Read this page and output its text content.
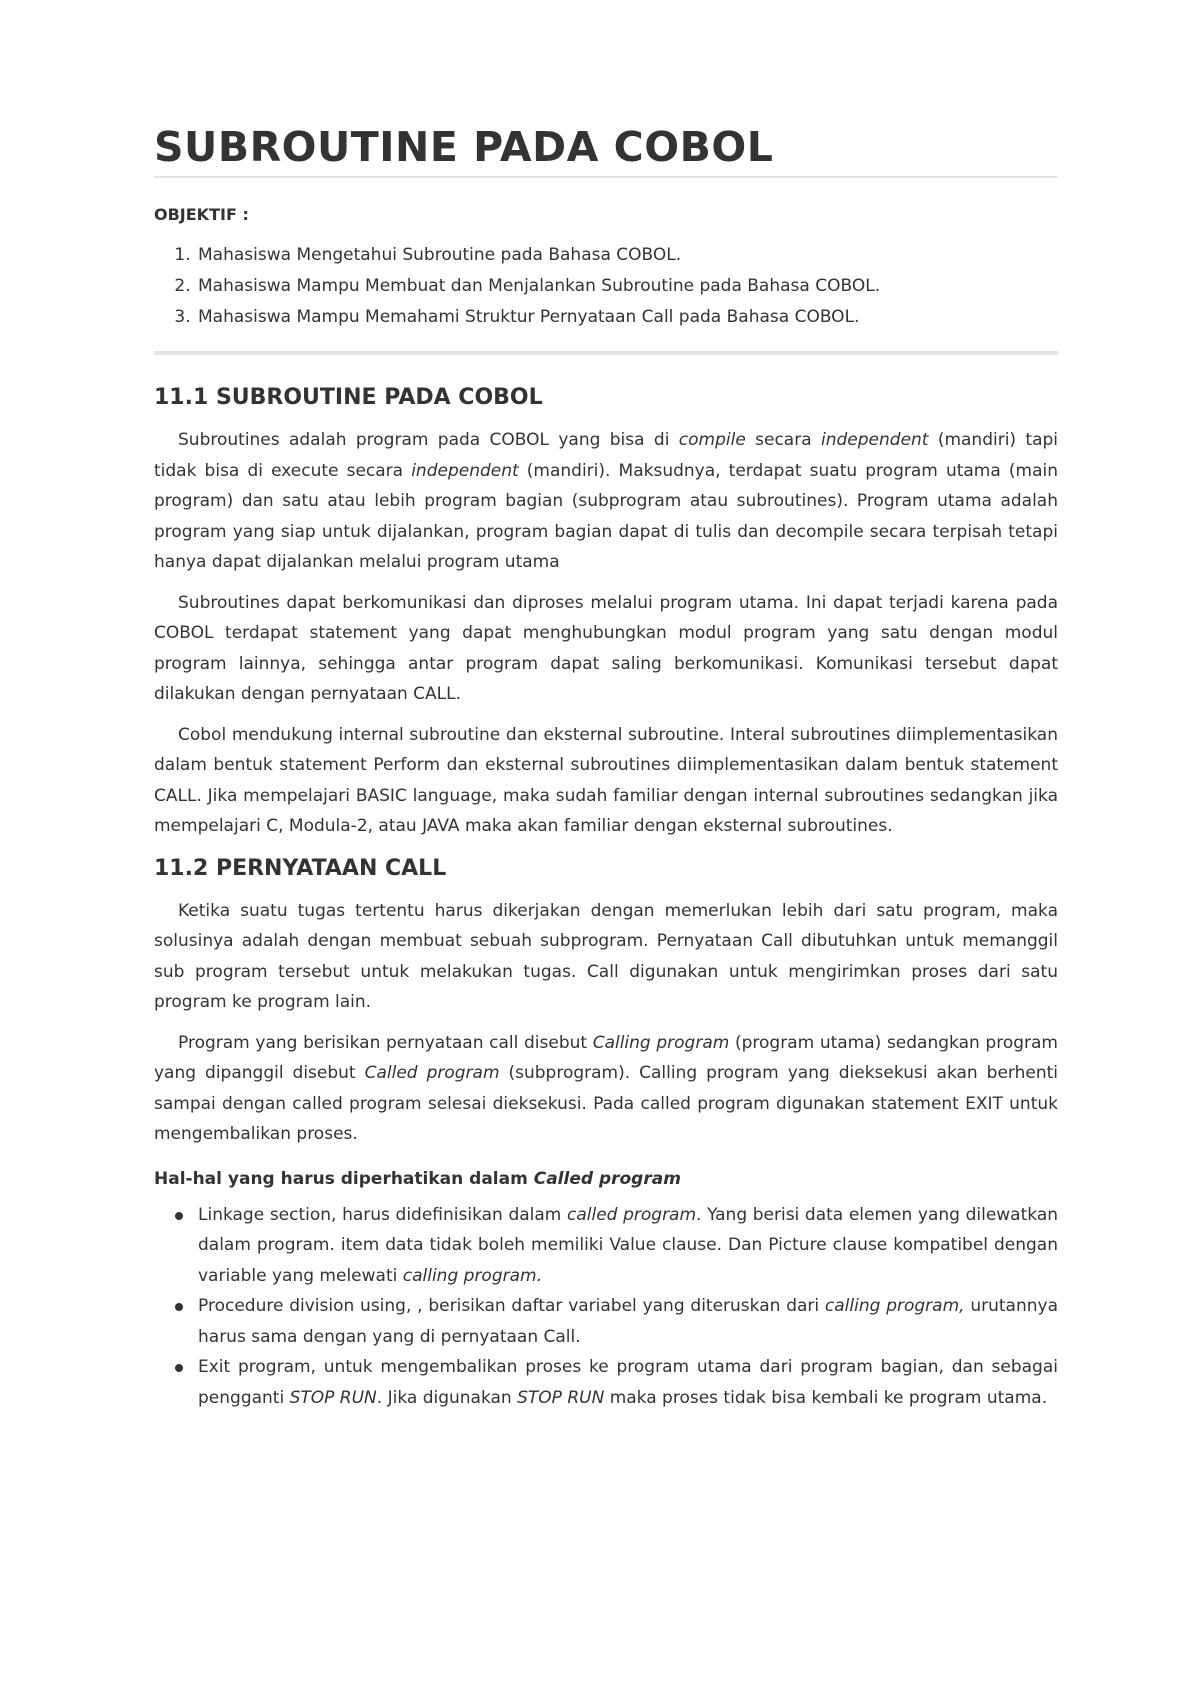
SUBROUTINE PADA COBOL

OBJEKTIF :

1. Mahasiswa Mengetahui Subroutine pada Bahasa COBOL.
2. Mahasiswa Mampu Membuat dan Menjalankan Subroutine pada Bahasa COBOL.
3. Mahasiswa Mampu Memahami Struktur Pernyataan Call pada Bahasa COBOL.
11.1 SUBROUTINE PADA COBOL

Subroutines adalah program pada COBOL yang bisa di compile secara independent (mandiri) tapi tidak bisa di execute secara independent (mandiri). Maksudnya, terdapat suatu program utama (main program) dan satu atau lebih program bagian (subprogram atau subroutines). Program utama adalah program yang siap untuk dijalankan, program bagian dapat di tulis dan decompile secara terpisah tetapi hanya dapat dijalankan melalui program utama

Subroutines dapat berkomunikasi dan diproses melalui program utama. Ini dapat terjadi karena pada COBOL terdapat statement yang dapat menghubungkan modul program yang satu dengan modul program lainnya, sehingga antar program dapat saling berkomunikasi. Komunikasi tersebut dapat dilakukan dengan pernyataan CALL.

Cobol mendukung internal subroutine dan eksternal subroutine. Interal subroutines diimplementasikan dalam bentuk statement Perform dan eksternal subroutines diimplementasikan dalam bentuk statement CALL. Jika mempelajari BASIC language, maka sudah familiar dengan internal subroutines sedangkan jika mempelajari C, Modula-2, atau JAVA maka akan familiar dengan eksternal subroutines.

11.2 PERNYATAAN CALL

Ketika suatu tugas tertentu harus dikerjakan dengan memerlukan lebih dari satu program, maka solusinya adalah dengan membuat sebuah subprogram. Pernyataan Call dibutuhkan untuk memanggil sub program tersebut untuk melakukan tugas. Call digunakan untuk mengirimkan proses dari satu program ke program lain.

Program yang berisikan pernyataan call disebut Calling program (program utama) sedangkan program yang dipanggil disebut Called program (subprogram). Calling program yang dieksekusi akan berhenti sampai dengan called program selesai dieksekusi. Pada called program digunakan statement EXIT untuk mengembalikan proses.

Hal-hal yang harus diperhatikan dalam Called program

Linkage section, harus didefinisikan dalam called program. Yang berisi data elemen yang dilewatkan dalam program. item data tidak boleh memiliki Value clause. Dan Picture clause kompatibel dengan variable yang melewati calling program.
Procedure division using, , berisikan daftar variabel yang diteruskan dari calling program, urutannya harus sama dengan yang di pernyataan Call.
Exit program, untuk mengembalikan proses ke program utama dari program bagian, dan sebagai pengganti STOP RUN. Jika digunakan STOP RUN maka proses tidak bisa kembali ke program utama.
